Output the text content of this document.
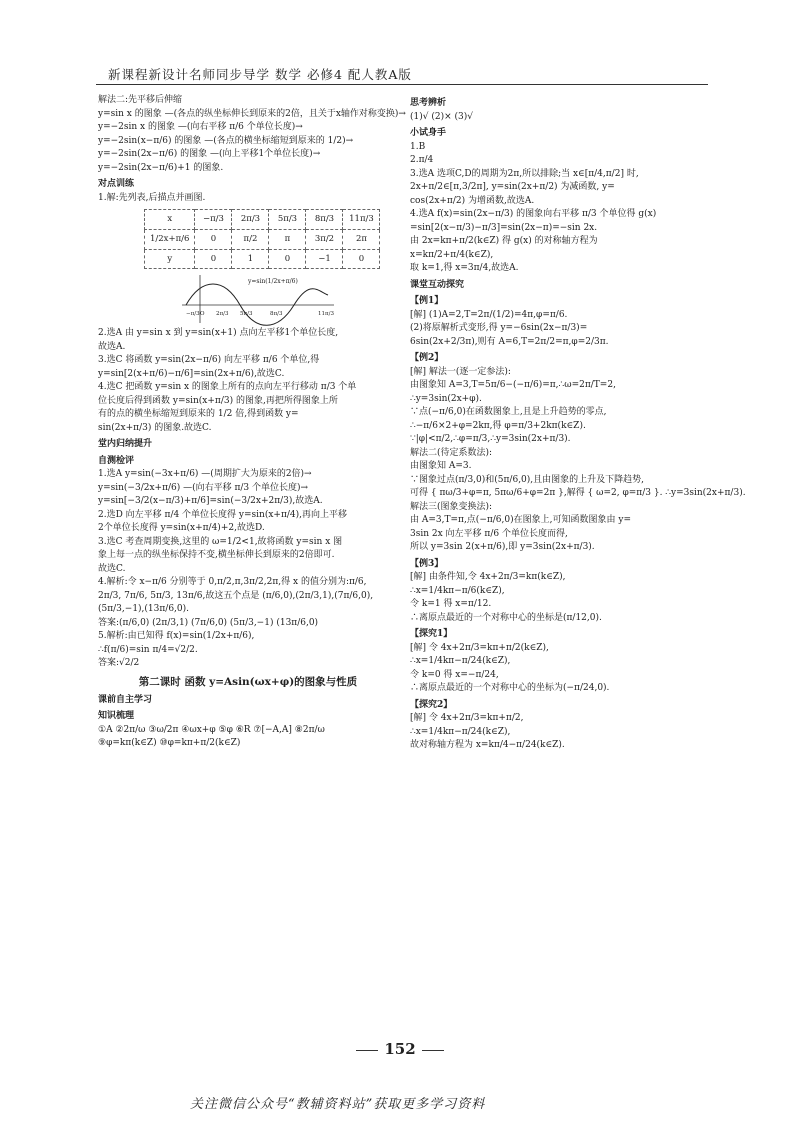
新课程新设计名师同步导学 数学 必修4 配人教A版
解法二:先平移后伸缩
y=sin x 的图象 —(各点的纵坐标伸长到原来的2倍，且关于x轴作对称变换)→
y=−2sin x 的图象 —(向右平移 π/6 个单位长度)→
y=−2sin(x−π/6) 的图象 —(各点的横坐标缩短到原来的 1/2)→
y=−2sin(2x−π/6) 的图象 —(向上平移1个单位长度)→
y=−2sin(2x−π/6)+1 的图象.
对点训练
1.解:先列表,后描点并画图.
x	−π/3	2π/3	5π/3	8π/3	11π/3
1/2x+π/6	0	π/2	π	3π/2	2π
y	0	1	0	−1	0
y=sin(1/2x+π/6)
−π/3 O 2π/3 5π/3	8π/3	11π/3
2.选A 由 y=sin x 到 y=sin(x+1) 点向左平移1个单位长度,
故选A.
3.选C 将函数 y=sin(2x−π/6) 向左平移 π/6 个单位,得
y=sin[2(x+π/6)−π/6]=sin(2x+π/6),故选C.
4.选C 把函数 y=sin x 的图象上所有的点向左平行移动 π/3 个单
位长度后得到函数 y=sin(x+π/3) 的图象,再把所得图象上所
有的点的横坐标缩短到原来的 1/2 倍,得到函数 y=
sin(2x+π/3) 的图象.故选C.
堂内归纳提升
自测检评
1.选A y=sin(−3x+π/6) —(周期扩大为原来的2倍)→
y=sin(−3/2x+π/6) —(向右平移 π/3 个单位长度)→
y=sin[−3/2(x−π/3)+π/6]=sin(−3/2x+2π/3),故选A.
2.选D 向左平移 π/4 个单位长度得 y=sin(x+π/4),再向上平移
2个单位长度得 y=sin(x+π/4)+2,故选D.
3.选C 考查周期变换,这里的 ω=1/2<1,故将函数 y=sin x 图
象上每一点的纵坐标保持不变,横坐标伸长到原来的2倍即可.
故选C.
4.解析:令 x−π/6 分别等于 0,π/2,π,3π/2,2π,得 x 的值分别为:π/6,
2π/3, 7π/6, 5π/3, 13π/6,故这五个点是 (π/6,0),(2π/3,1),(7π/6,0),
(5π/3,−1),(13π/6,0).
答案:(π/6,0) (2π/3,1) (7π/6,0) (5π/3,−1) (13π/6,0)
5.解析:由已知得 f(x)=sin(1/2x+π/6),
∴f(π/6)=sin π/4=√2/2.
答案:√2/2
第二课时 函数 y=Asin(ωx+φ)的图象与性质
课前自主学习
知识梳理
①A ②2π/ω ③ω/2π ④ωx+φ ⑤φ ⑥R ⑦[−A,A] ⑧2π/ω
⑨φ=kπ(k∈Z) ⑩φ=kπ+π/2(k∈Z)
思考辨析
(1)√ (2)× (3)√
小试身手
1.B
2.π/4
3.选A 选项C,D的周期为2π,所以排除;当 x∈[π/4,π/2] 时,
2x+π/2∈[π,3/2π], y=sin(2x+π/2) 为减函数, y=
cos(2x+π/2) 为增函数,故选A.
4.选A f(x)=sin(2x−π/3) 的图象向右平移 π/3 个单位得 g(x)
=sin[2(x−π/3)−π/3]=sin(2x−π)=−sin 2x.
由 2x=kπ+π/2(k∈Z) 得 g(x) 的对称轴方程为
x=kπ/2+π/4(k∈Z),
取 k=1,得 x=3π/4,故选A.
课堂互动探究
【例1】
[解] (1)A=2,T=2π/(1/2)=4π,φ=π/6.
(2)将原解析式变形,得 y=−6sin(2x−π/3)=
6sin(2x+2/3π),则有 A=6,T=2π/2=π,φ=2/3π.
【例2】
[解] 解法一(逐一定参法):
由图象知 A=3,T=5π/6−(−π/6)=π,∴ω=2π/T=2,
∴y=3sin(2x+φ).
∵点(−π/6,0)在函数图象上,且是上升趋势的零点,
∴−π/6×2+φ=2kπ,得 φ=π/3+2kπ(k∈Z).
∵|φ|<π/2,∴φ=π/3,∴y=3sin(2x+π/3).
解法二(待定系数法):
由图象知 A=3.
∵图象过点(π/3,0)和(5π/6,0),且由图象的上升及下降趋势,
可得 { πω/3+φ=π, 5πω/6+φ=2π },解得 { ω=2, φ=π/3 }. ∴y=3sin(2x+π/3).
解法三(图象变换法):
由 A=3,T=π,点(−π/6,0)在图象上,可知函数图象由 y=
3sin 2x 向左平移 π/6 个单位长度而得,
所以 y=3sin 2(x+π/6),即 y=3sin(2x+π/3).
【例3】
[解] 由条件知,令 4x+2π/3=kπ(k∈Z),
∴x=1/4kπ−π/6(k∈Z),
令 k=1 得 x=π/12.
∴离原点最近的一个对称中心的坐标是(π/12,0).
【探究1】
[解] 令 4x+2π/3=kπ+π/2(k∈Z),
∴x=1/4kπ−π/24(k∈Z),
令 k=0 得 x=−π/24,
∴离原点最近的一个对称中心的坐标为(−π/24,0).
【探究2】
[解] 令 4x+2π/3=kπ+π/2,
∴x=1/4kπ−π/24(k∈Z),
故对称轴方程为 x=kπ/4−π/24(k∈Z).
152
关注微信公众号“教辅资料站”获取更多学习资料
